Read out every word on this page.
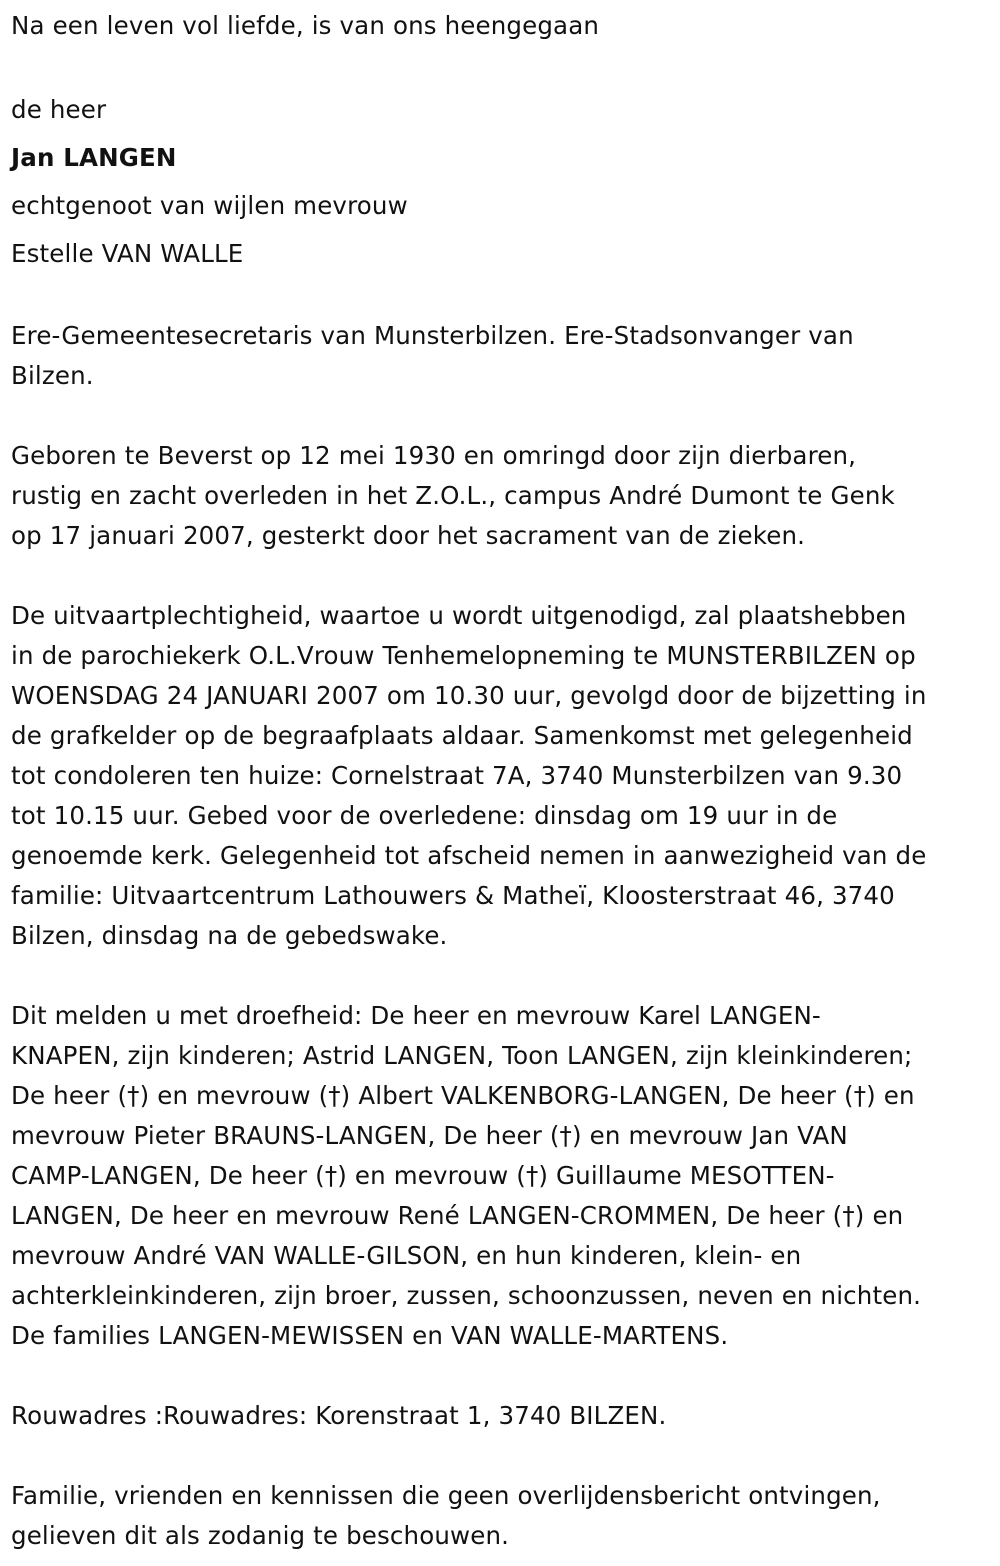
Na een leven vol liefde, is van ons heengegaan

de heer

Jan LANGEN

echtgenoot van wijlen mevrouw

Estelle VAN WALLE

Ere-Gemeentesecretaris van Munsterbilzen. Ere-Stadsonvanger van

Bilzen.

Geboren te Beverst op 12 mei 1930 en omringd door zijn dierbaren,

rustig en zacht overleden in het Z.O.L., campus André Dumont te Genk

op 17 januari 2007, gesterkt door het sacrament van de zieken.

De uitvaartplechtigheid, waartoe u wordt uitgenodigd, zal plaatshebben

in de parochiekerk O.L.Vrouw Tenhemelopneming te MUNSTERBILZEN op

WOENSDAG 24 JANUARI 2007 om 10.30 uur, gevolgd door de bijzetting in

de grafkelder op de begraafplaats aldaar. Samenkomst met gelegenheid

tot condoleren ten huize: Cornelstraat 7A, 3740 Munsterbilzen van 9.30

tot 10.15 uur. Gebed voor de overledene: dinsdag om 19 uur in de

genoemde kerk. Gelegenheid tot afscheid nemen in aanwezigheid van de

familie: Uitvaartcentrum Lathouwers & Matheï, Kloosterstraat 46, 3740

Bilzen, dinsdag na de gebedswake.

Dit melden u met droefheid: De heer en mevrouw Karel LANGEN-

KNAPEN, zijn kinderen; Astrid LANGEN, Toon LANGEN, zijn kleinkinderen;

De heer (†) en mevrouw (†) Albert VALKENBORG-LANGEN, De heer (†) en

mevrouw Pieter BRAUNS-LANGEN, De heer (†) en mevrouw Jan VAN

CAMP-LANGEN, De heer (†) en mevrouw (†) Guillaume MESOTTEN-

LANGEN, De heer en mevrouw René LANGEN-CROMMEN, De heer (†) en

mevrouw André VAN WALLE-GILSON, en hun kinderen, klein- en

achterkleinkinderen, zijn broer, zussen, schoonzussen, neven en nichten.

De families LANGEN-MEWISSEN en VAN WALLE-MARTENS.

Rouwadres :Rouwadres: Korenstraat 1, 3740 BILZEN.

Familie, vrienden en kennissen die geen overlijdensbericht ontvingen,

gelieven dit als zodanig te beschouwen.
